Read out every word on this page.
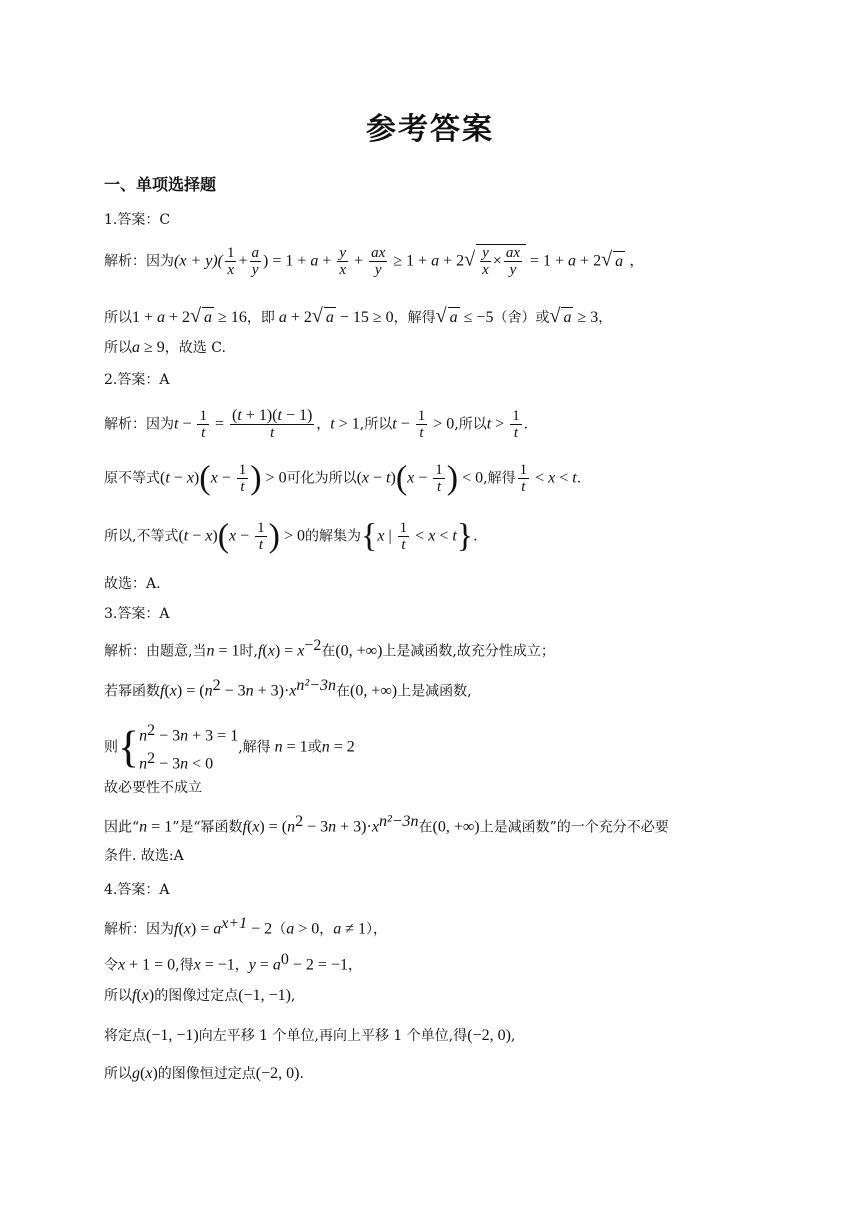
参考答案
一、单项选择题
1.答案：C
解析：因为$(x + y)( \frac{1}{x} + \frac{a}{y}$ ) = $1 + a + \frac{y}{x} + \frac{ax}{y} \ge 1 + a + 2√ \frac{y}{x} \times \frac{ax}{y} = 1 + a + 2√$ a ，
所以1 + a + 2√ a ≥ 16，即 a + 2√ a − 15 ≥ 0，解得√ a ≤ −5（舍）或√ a ≥ 3，
所以a ≥ 9，故选 C.
2.答案：A
解析：因为$t - \frac{1}{t} = \frac{(t + 1)(t - 1)}{t}$ ，t > 1,所以$t - \frac{1}{t} > 0$,所以$t > \frac{1}{t}$ .
原不等式$(t - x)(x - \frac{1}{t}$ ) > 0可化为所以$(x - t)(x - \frac{1}{t}$ ) < 0,解得 $\frac{1}{t} < x < t$.
所以,不等式$(t - x)(x - \frac{1}{t}$ ) > 0的解集为{x | $\frac{1}{t} < x < t$}.
故选：A.
3.答案：A
解析：由题意,当n = 1时$,f(x) = x^{-2}$在(0, +∞)上是减函数,故充分性成立；
若幂函数$f(x) = (n^2 - 3n + 3)\cdot x^{n^2-3n}$在(0, +∞)上是减函数,
则{ $n^2 - 3n + 3 = 1$
$n^2 - 3n < 0$
,解得 n = 1或n = 2
故必要性不成立
因此“n = 1”是“幂函数$f(x) = (n^2 - 3n + 3)\cdot x^{n^2-3n}$在(0, +∞)上是减函数”的一个充分不必要
条件. 故选:A
4.答案：A
解析：因为$f(x) = a^{x+1} - 2(a > 0$，a ≠ 1），
令x + 1 = 0,得x = −1，$y = a^0 - 2 = -1$，
所以f(x)的图像过定点(−1, −1),
将定点(−1, −1)向左平移 1 个单位,再向上平移 1 个单位,得(−2, 0),
所以g(x)的图像恒过定点(−2, 0).
